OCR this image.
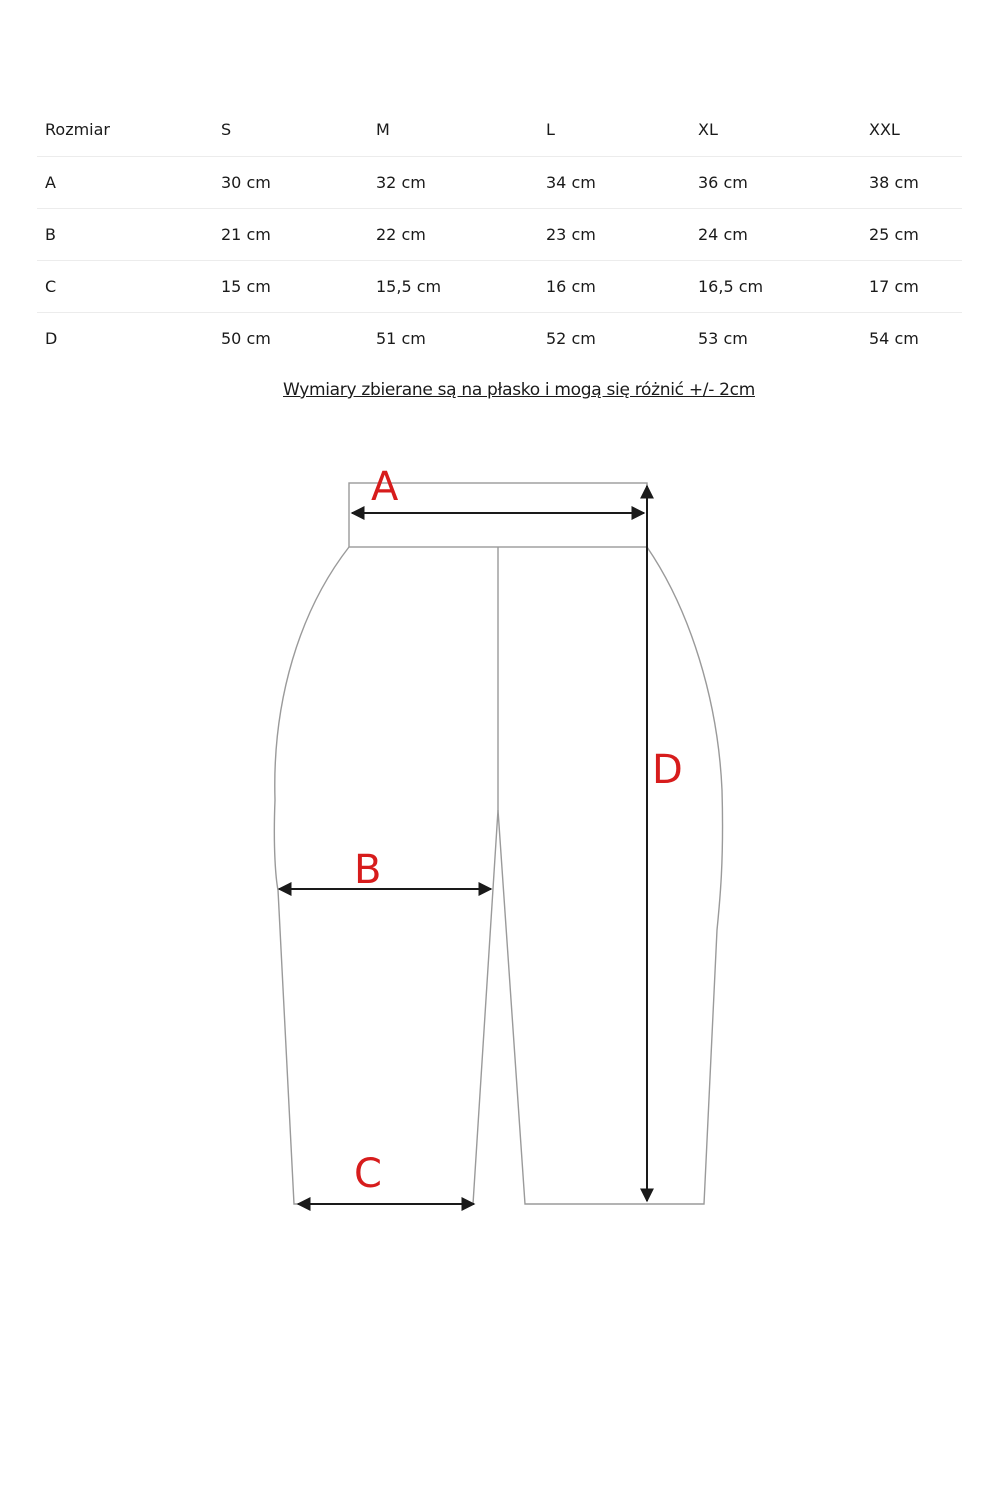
Rozmiar	S	M	L	XL	XXL
A	30 cm	32 cm	34 cm	36 cm	38 cm
B	21 cm	22 cm	23 cm	24 cm	25 cm
C	15 cm	15,5 cm	16 cm	16,5 cm	17 cm
D	50 cm	51 cm	52 cm	53 cm	54 cm
Wymiary zbierane są na płasko i mogą się różnić +/- 2cm
A
B
C
D
